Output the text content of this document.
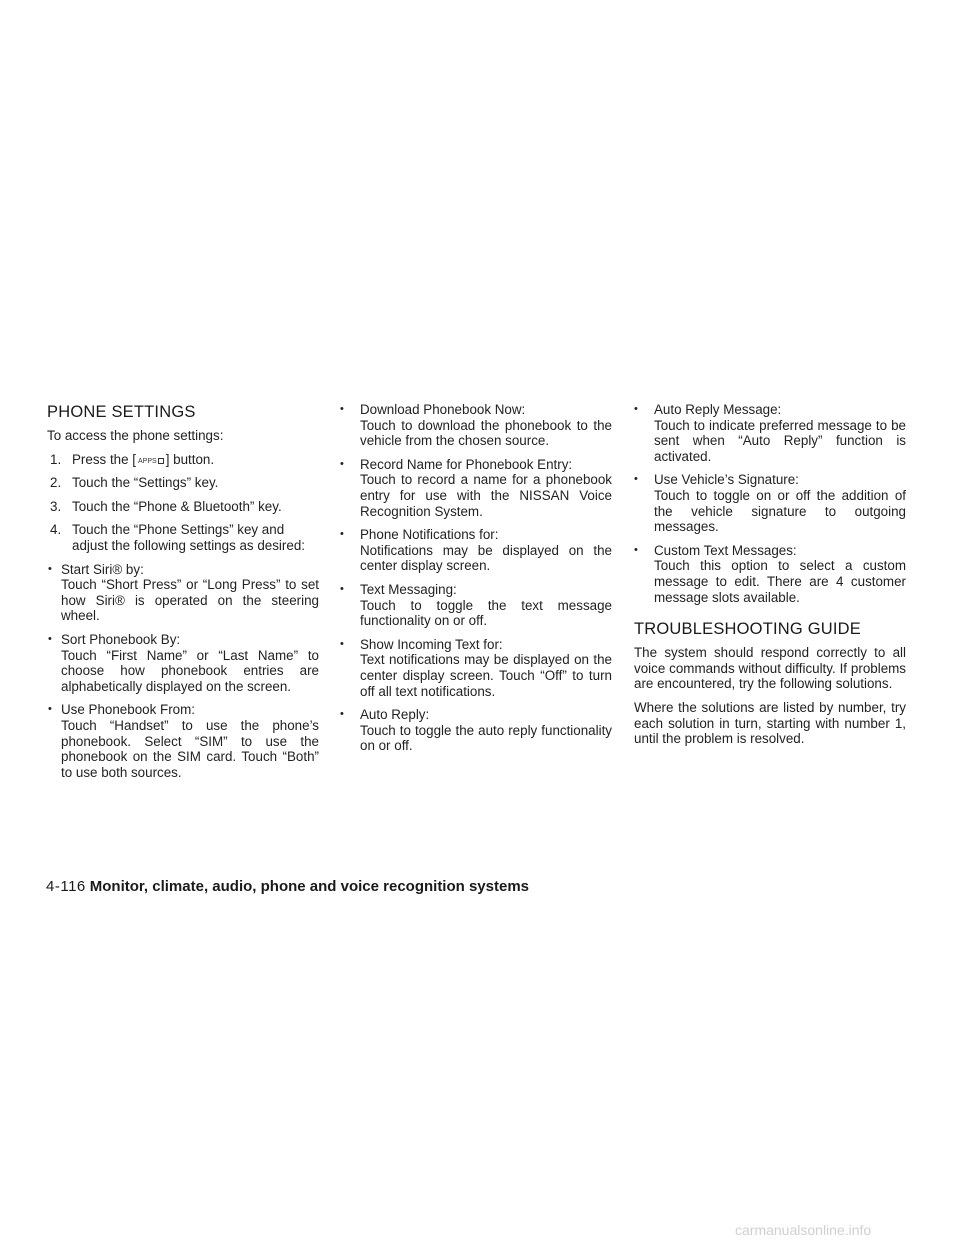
PHONE SETTINGS

To access the phone settings:

1. Press the [ APPS ] button.
2. Touch the “Settings” key.
3. Touch the “Phone & Bluetooth” key.
4. Touch the “Phone Settings” key and adjust the following settings as desired:
• Start Siri® by:
Touch “Short Press” or “Long Press” to set how Siri® is operated on the steering wheel.
• Sort Phonebook By:
Touch “First Name” or “Last Name” to choose how phonebook entries are alphabetically displayed on the screen.
• Use Phonebook From:
Touch “Handset” to use the phone’s phonebook. Select “SIM” to use the phonebook on the SIM card. Touch “Both” to use both sources.
• Download Phonebook Now:
Touch to download the phonebook to the vehicle from the chosen source.
• Record Name for Phonebook Entry:
Touch to record a name for a phonebook entry for use with the NISSAN Voice Recognition System.
• Phone Notifications for:
Notifications may be displayed on the center display screen.
• Text Messaging:
Touch to toggle the text message functionality on or off.
• Show Incoming Text for:
Text notifications may be displayed on the center display screen. Touch “Off” to turn off all text notifications.
• Auto Reply:
Touch to toggle the auto reply functionality on or off.
• Auto Reply Message:
Touch to indicate preferred message to be sent when “Auto Reply” function is activated.
• Use Vehicle’s Signature:
Touch to toggle on or off the addition of the vehicle signature to outgoing messages.
• Custom Text Messages:
Touch this option to select a custom message to edit. There are 4 customer message slots available.
TROUBLESHOOTING GUIDE

The system should respond correctly to all voice commands without difficulty. If problems are encountered, try the following solutions.

Where the solutions are listed by number, try each solution in turn, starting with number 1, until the problem is resolved.

4-116 Monitor, climate, audio, phone and voice recognition systems
carmanualsonline.info
